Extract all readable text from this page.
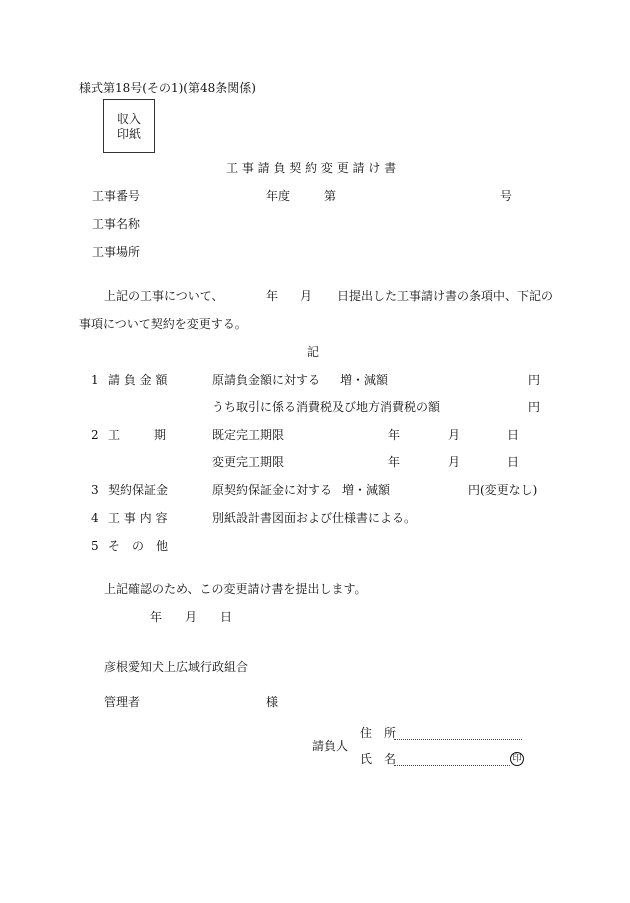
様式第18号(その1)(第48条関係)
収入
印紙
工 事 請 負 契 約 変 更 請 け 書
工事番号	年度	第	号
工事名称
工事場所
上記の工事について、	年 月 日提出した工事請け書の条項中、下記の
事項について契約を変更する。
記
1 請 負 金 額	原請負金額に対する 増・減額	円
うち取引に係る消費税及び地方消費税の額	円
2 工	期	既定完工期限	年	月	日
変更完工期限	年	月	日
3 契約保証金	原契約保証金に対する 増・減額	円(変更なし)
4 工 事 内 容	別紙設計書図面および仕様書による。
5 そ　の　他
上記確認のため、この変更請け書を提出します。
年 月 日
彦根愛知犬上広域行政組合
管理者	様
請負人
住　所
氏　名	印
